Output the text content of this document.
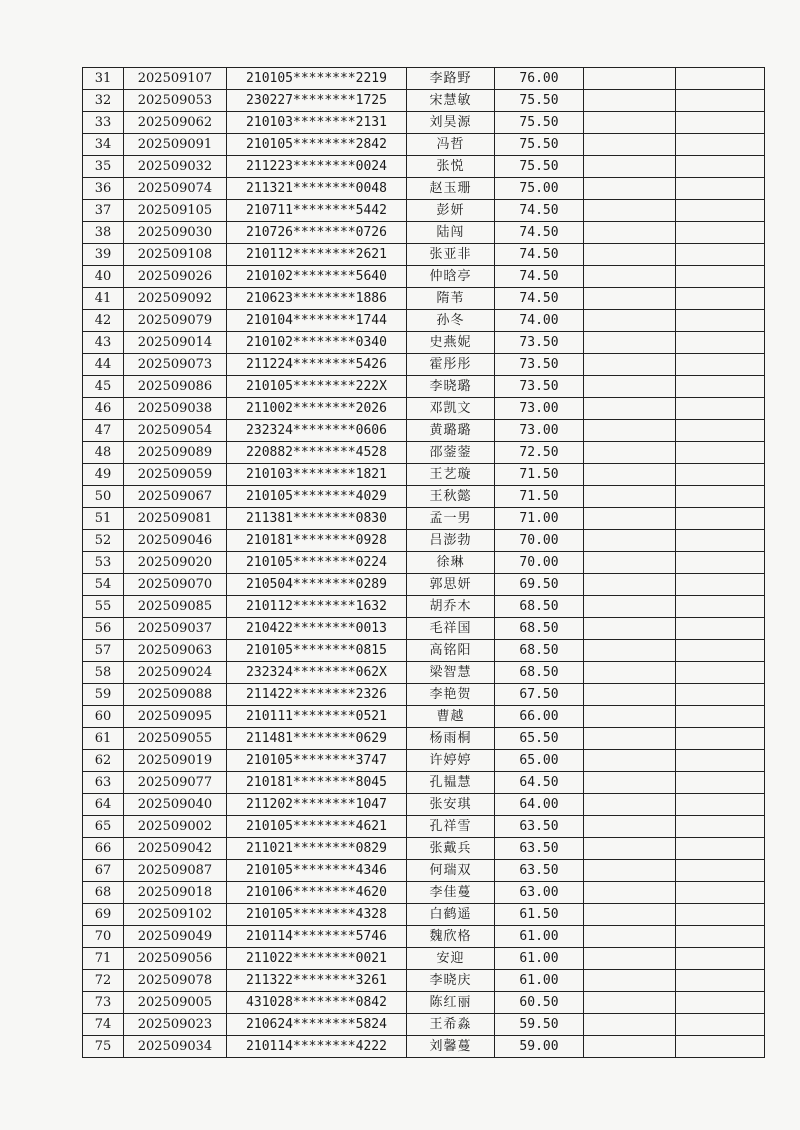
31	202509107	210105********2219	李路野	76.00		
32	202509053	230227********1725	宋慧敏	75.50		
33	202509062	210103********2131	刘昊源	75.50		
34	202509091	210105********2842	冯哲	75.50		
35	202509032	211223********0024	张悦	75.50		
36	202509074	211321********0048	赵玉珊	75.00		
37	202509105	210711********5442	彭妍	74.50		
38	202509030	210726********0726	陆闯	74.50		
39	202509108	210112********2621	张亚非	74.50		
40	202509026	210102********5640	仲晗亭	74.50		
41	202509092	210623********1886	隋苇	74.50		
42	202509079	210104********1744	孙冬	74.00		
43	202509014	210102********0340	史燕妮	73.50		
44	202509073	211224********5426	霍彤彤	73.50		
45	202509086	210105********222X	李晓璐	73.50		
46	202509038	211002********2026	邓凯文	73.00		
47	202509054	232324********0606	黄璐璐	73.00		
48	202509089	220882********4528	邵蓥蓥	72.50		
49	202509059	210103********1821	王艺璇	71.50		
50	202509067	210105********4029	王秋懿	71.50		
51	202509081	211381********0830	孟一男	71.00		
52	202509046	210181********0928	吕澎勃	70.00		
53	202509020	210105********0224	徐琳	70.00		
54	202509070	210504********0289	郭思妍	69.50		
55	202509085	210112********1632	胡乔木	68.50		
56	202509037	210422********0013	毛祥国	68.50		
57	202509063	210105********0815	高铭阳	68.50		
58	202509024	232324********062X	梁智慧	68.50		
59	202509088	211422********2326	李艳贺	67.50		
60	202509095	210111********0521	曹越	66.00		
61	202509055	211481********0629	杨雨桐	65.50		
62	202509019	210105********3747	许婷婷	65.00		
63	202509077	210181********8045	孔韫慧	64.50		
64	202509040	211202********1047	张安琪	64.00		
65	202509002	210105********4621	孔祥雪	63.50		
66	202509042	211021********0829	张戴兵	63.50		
67	202509087	210105********4346	何瑞双	63.50		
68	202509018	210106********4620	李佳蔓	63.00		
69	202509102	210105********4328	白鹤遥	61.50		
70	202509049	210114********5746	魏欣格	61.00		
71	202509056	211022********0021	安迎	61.00		
72	202509078	211322********3261	李晓庆	61.00		
73	202509005	431028********0842	陈红丽	60.50		
74	202509023	210624********5824	王希淼	59.50		
75	202509034	210114********4222	刘馨蔓	59.00		
